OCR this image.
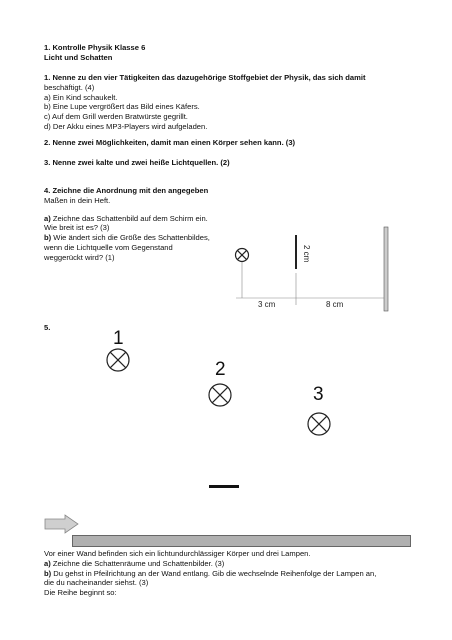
1. Kontrolle Physik Klasse 6
Licht und Schatten
1. Nenne zu den vier Tätigkeiten das dazugehörige Stoffgebiet der Physik, das sich damit
beschäftigt. (4)
a) Ein Kind schaukelt.
b) Eine Lupe vergrößert das Bild eines Käfers.
c) Auf dem Grill werden Bratwürste gegrillt.
d) Der Akku eines MP3-Players wird aufgeladen.
2. Nenne zwei Möglichkeiten, damit man einen Körper sehen kann. (3)
3. Nenne zwei kalte und zwei heiße Lichtquellen. (2)
4. Zeichne die Anordnung mit den angegeben
Maßen in dein Heft.
a) Zeichne das Schattenbild auf dem Schirm ein.
Wie breit ist es? (3)
b) Wie ändert sich die Größe des Schattenbildes,
wenn die Lichtquelle vom Gegenstand
weggerückt wird? (1)	2 cm
3 cm	8 cm
5.
1
2
3
Vor einer Wand befinden sich ein lichtundurchlässiger Körper und drei Lampen.
a) Zeichne die Schattenräume und Schattenbilder. (3)
b) Du gehst in Pfeilrichtung an der Wand entlang. Gib die wechselnde Reihenfolge der Lampen an,
die du nacheinander siehst. (3)
Die Reihe beginnt so:
